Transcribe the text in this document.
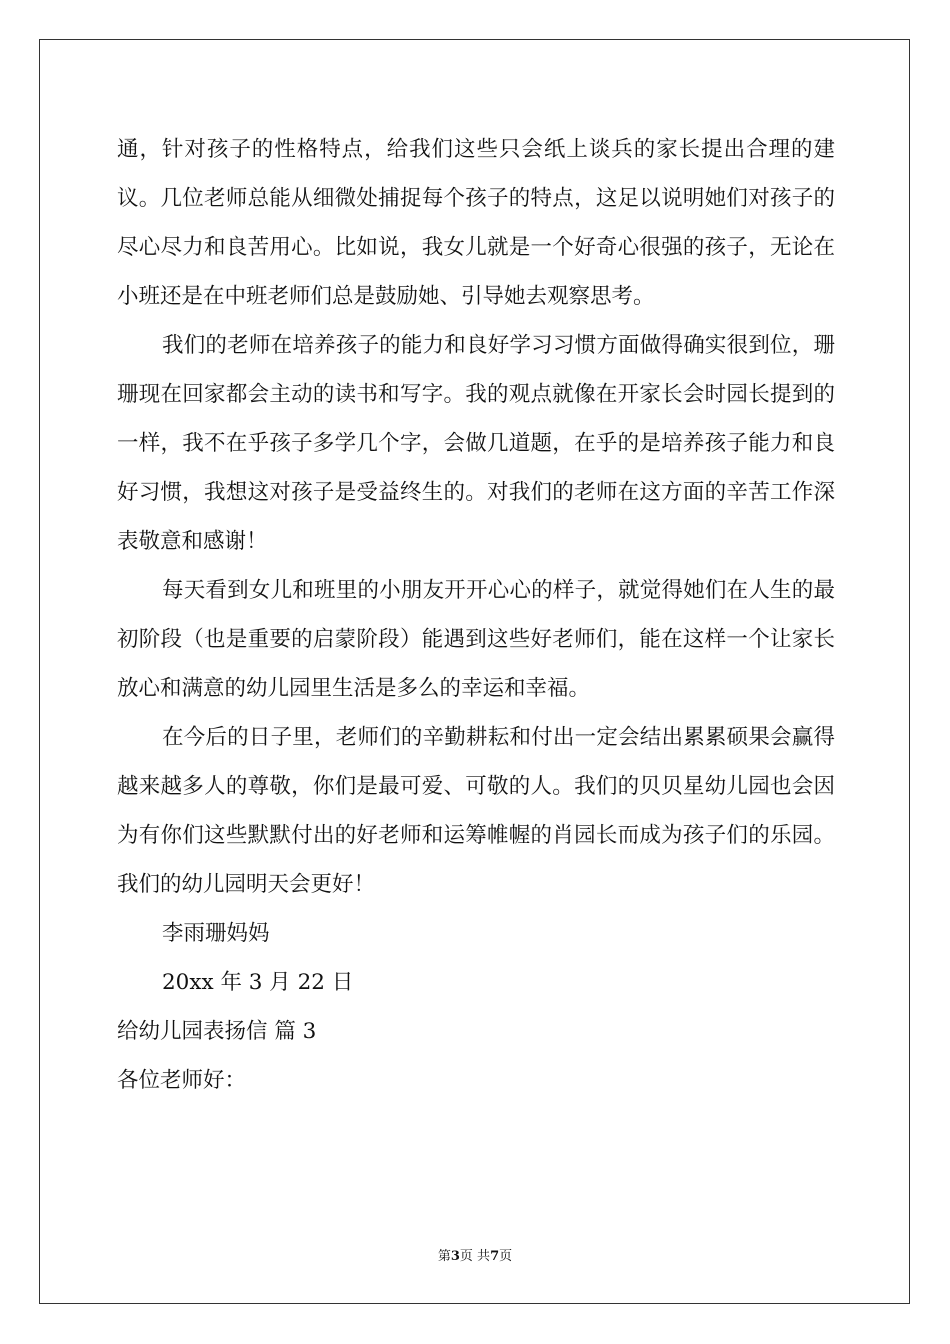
通，针对孩子的性格特点，给我们这些只会纸上谈兵的家长提出合理的建议。几位老师总能从细微处捕捉每个孩子的特点，这足以说明她们对孩子的尽心尽力和良苦用心。比如说，我女儿就是一个好奇心很强的孩子，无论在小班还是在中班老师们总是鼓励她、引导她去观察思考。

我们的老师在培养孩子的能力和良好学习习惯方面做得确实很到位，珊珊现在回家都会主动的读书和写字。我的观点就像在开家长会时园长提到的一样，我不在乎孩子多学几个字，会做几道题，在乎的是培养孩子能力和良好习惯，我想这对孩子是受益终生的。对我们的老师在这方面的辛苦工作深表敬意和感谢！

每天看到女儿和班里的小朋友开开心心的样子，就觉得她们在人生的最初阶段（也是重要的启蒙阶段）能遇到这些好老师们，能在这样一个让家长放心和满意的幼儿园里生活是多么的幸运和幸福。

在今后的日子里，老师们的辛勤耕耘和付出一定会结出累累硕果会赢得越来越多人的尊敬，你们是最可爱、可敬的人。我们的贝贝星幼儿园也会因为有你们这些默默付出的好老师和运筹帷幄的肖园长而成为孩子们的乐园。我们的幼儿园明天会更好！

李雨珊妈妈

20xx 年 3 月 22 日

给幼儿园表扬信 篇 3

各位老师好：

第3页 共7页
